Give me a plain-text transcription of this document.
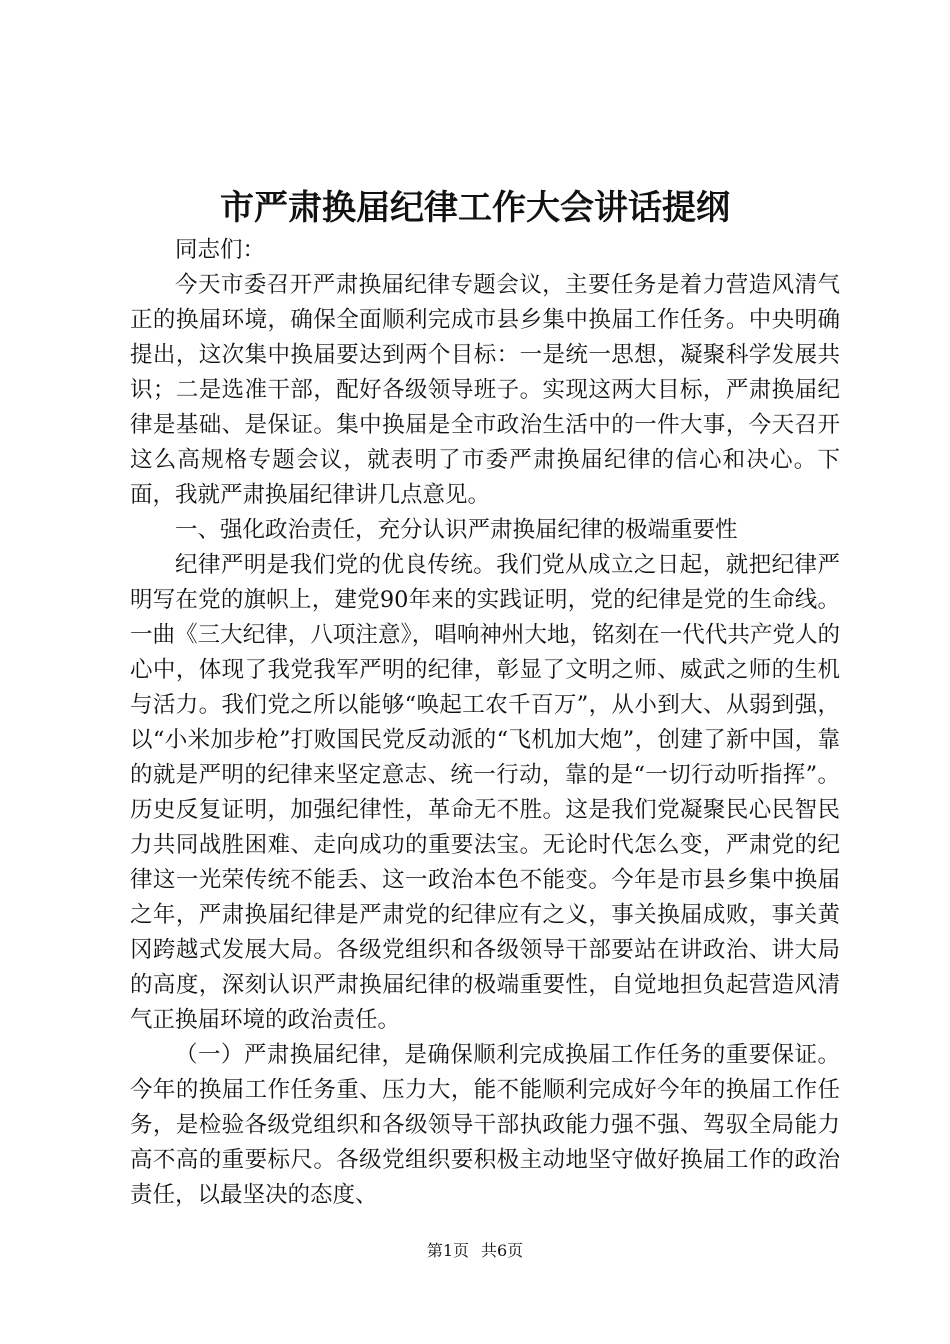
市严肃换届纪律工作大会讲话提纲

同志们：

今天市委召开严肃换届纪律专题会议，主要任务是着力营造风清气正的换届环境，确保全面顺利完成市县乡集中换届工作任务。中央明确提出，这次集中换届要达到两个目标：一是统一思想，凝聚科学发展共识；二是选准干部，配好各级领导班子。实现这两大目标，严肃换届纪律是基础、是保证。集中换届是全市政治生活中的一件大事，今天召开这么高规格专题会议，就表明了市委严肃换届纪律的信心和决心。下面，我就严肃换届纪律讲几点意见。

一、强化政治责任，充分认识严肃换届纪律的极端重要性

纪律严明是我们党的优良传统。我们党从成立之日起，就把纪律严明写在党的旗帜上，建党90年来的实践证明，党的纪律是党的生命线。一曲《三大纪律，八项注意》，唱响神州大地，铭刻在一代代共产党人的心中，体现了我党我军严明的纪律，彰显了文明之师、威武之师的生机与活力。我们党之所以能够“唤起工农千百万”，从小到大、从弱到强，以“小米加步枪”打败国民党反动派的“飞机加大炮”，创建了新中国，靠的就是严明的纪律来坚定意志、统一行动，靠的是“一切行动听指挥”。历史反复证明，加强纪律性，革命无不胜。这是我们党凝聚民心民智民力共同战胜困难、走向成功的重要法宝。无论时代怎么变，严肃党的纪律这一光荣传统不能丢、这一政治本色不能变。今年是市县乡集中换届之年，严肃换届纪律是严肃党的纪律应有之义，事关换届成败，事关黄冈跨越式发展大局。各级党组织和各级领导干部要站在讲政治、讲大局的高度，深刻认识严肃换届纪律的极端重要性，自觉地担负起营造风清气正换届环境的政治责任。

（一）严肃换届纪律，是确保顺利完成换届工作任务的重要保证。今年的换届工作任务重、压力大，能不能顺利完成好今年的换届工作任务，是检验各级党组织和各级领导干部执政能力强不强、驾驭全局能力高不高的重要标尺。各级党组织要积极主动地坚守做好换届工作的政治责任，以最坚决的态度、

第1页 共6页
